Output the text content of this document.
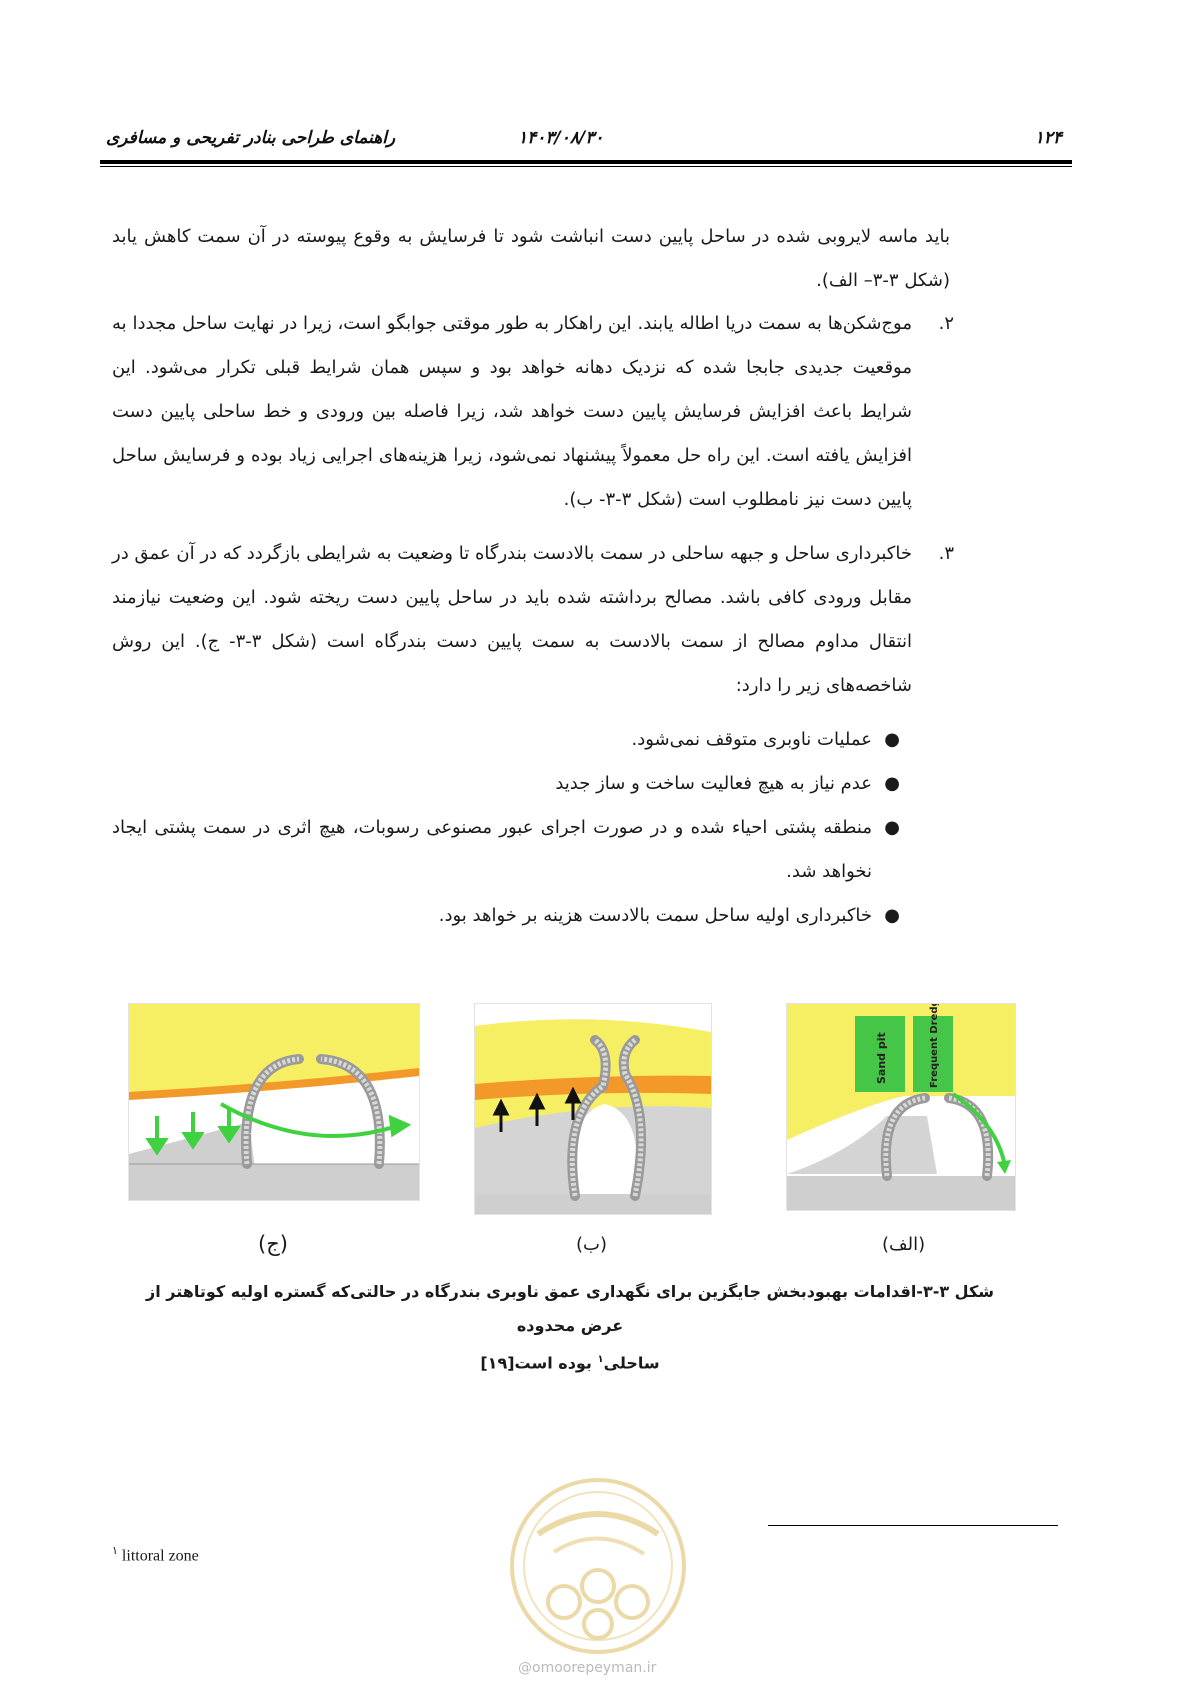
۱۲۴
۱۴۰۳/۰۸/۳۰
راهنمای طراحی بنادر تفریحی و مسافری
باید ماسه لایروبی شده در ساحل پایین دست انباشت شود تا فرسایش به وقوع پیوسته در آن سمت کاهش یابد (شکل ۳-۳– الف).
۲.
موج‌شکن‌ها به سمت دریا اطاله یابند. این راهکار به طور موقتی جوابگو است، زیرا در نهایت ساحل مجددا به موقعیت جدیدی جابجا شده که نزدیک دهانه خواهد بود و سپس همان شرایط قبلی تکرار می‌شود. این شرایط باعث افزایش فرسایش پایین دست خواهد شد، زیرا فاصله بین ورودی و خط ساحلی پایین دست افزایش یافته است. این راه حل معمولاً پیشنهاد نمی‌شود، زیرا هزینه‌های اجرایی زیاد بوده و فرسایش ساحل پایین دست نیز نامطلوب است (شکل ۳-۳- ب).
۳.
خاکبرداری ساحل و جبهه ساحلی در سمت بالادست بندرگاه تا وضعیت به شرایطی بازگردد که در آن عمق در مقابل ورودی کافی باشد. مصالح برداشته شده باید در ساحل پایین دست ریخته شود. این وضعیت نیازمند انتقال مداوم مصالح از سمت بالادست به سمت پایین دست بندرگاه است (شکل ۳-۳- ج). این روش شاخصه‌های زیر را دارد:
●
عملیات ناوبری متوقف نمی‌شود.
●
عدم نیاز به هیچ فعالیت ساخت و ساز جدید
●
منطقه پشتی احیاء شده و در صورت اجرای عبور مصنوعی رسوبات، هیچ اثری در سمت پشتی ایجاد نخواهد شد.
●
خاکبرداری اولیه ساحل سمت بالادست هزینه بر خواهد بود.
Sand pit	Frequent Dredging
(ج)	(ب)	(الف)
شکل ۳-۳-اقدامات بهبودبخش جایگزین برای نگهداری عمق ناوبری بندرگاه در حالتی‌که گستره اولیه کوتاهتر از عرض محدوده
ساحلی$^۱$ بوده است[۱۹]
$^۱$ littoral zone
@omoorepeyman.ir
